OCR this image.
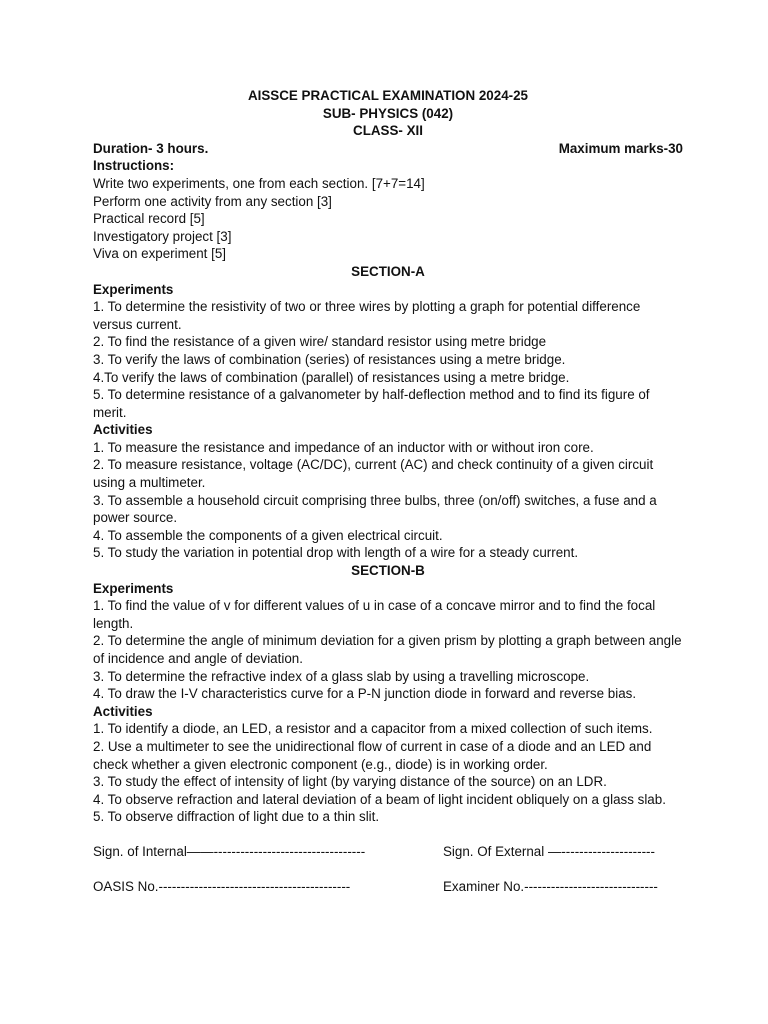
AISSCE PRACTICAL EXAMINATION 2024-25
SUB- PHYSICS (042)
CLASS- XII
Duration- 3 hours.	Maximum marks-30
Instructions:
Write two experiments, one from each section. [7+7=14]
Perform one activity from any section [3]
Practical record [5]
Investigatory project [3]
Viva on experiment [5]
SECTION-A
Experiments
1. To determine the resistivity of two or three wires by plotting a graph for potential difference versus current.
2. To find the resistance of a given wire/ standard resistor using metre bridge
3. To verify the laws of combination (series) of resistances using a metre bridge.
4.To verify the laws of combination (parallel) of resistances using a metre bridge.
5. To determine resistance of a galvanometer by half-deflection method and to find its figure of merit.
Activities
1. To measure the resistance and impedance of an inductor with or without iron core.
2. To measure resistance, voltage (AC/DC), current (AC) and check continuity of a given circuit using a multimeter.
3. To assemble a household circuit comprising three bulbs, three (on/off) switches, a fuse and a power source.
4. To assemble the components of a given electrical circuit.
5. To study the variation in potential drop with length of a wire for a steady current.
SECTION-B
Experiments
1. To find the value of v for different values of u in case of a concave mirror and to find the focal length.
2. To determine the angle of minimum deviation for a given prism by plotting a graph between angle of incidence and angle of deviation.
3. To determine the refractive index of a glass slab by using a travelling microscope.
4. To draw the I-V characteristics curve for a P-N junction diode in forward and reverse bias.
Activities
1. To identify a diode, an LED, a resistor and a capacitor from a mixed collection of such items.
2. Use a multimeter to see the unidirectional flow of current in case of a diode and an LED and check whether a given electronic component (e.g., diode) is in working order.
3. To study the effect of intensity of light (by varying distance of the source) on an LDR.
4. To observe refraction and lateral deviation of a beam of light incident obliquely on a glass slab.
5. To observe diffraction of light due to a thin slit.
Sign. of Internal——----------------------------------	Sign. Of External —---------------------
OASIS No.-------------------------------------------	Examiner No.------------------------------
